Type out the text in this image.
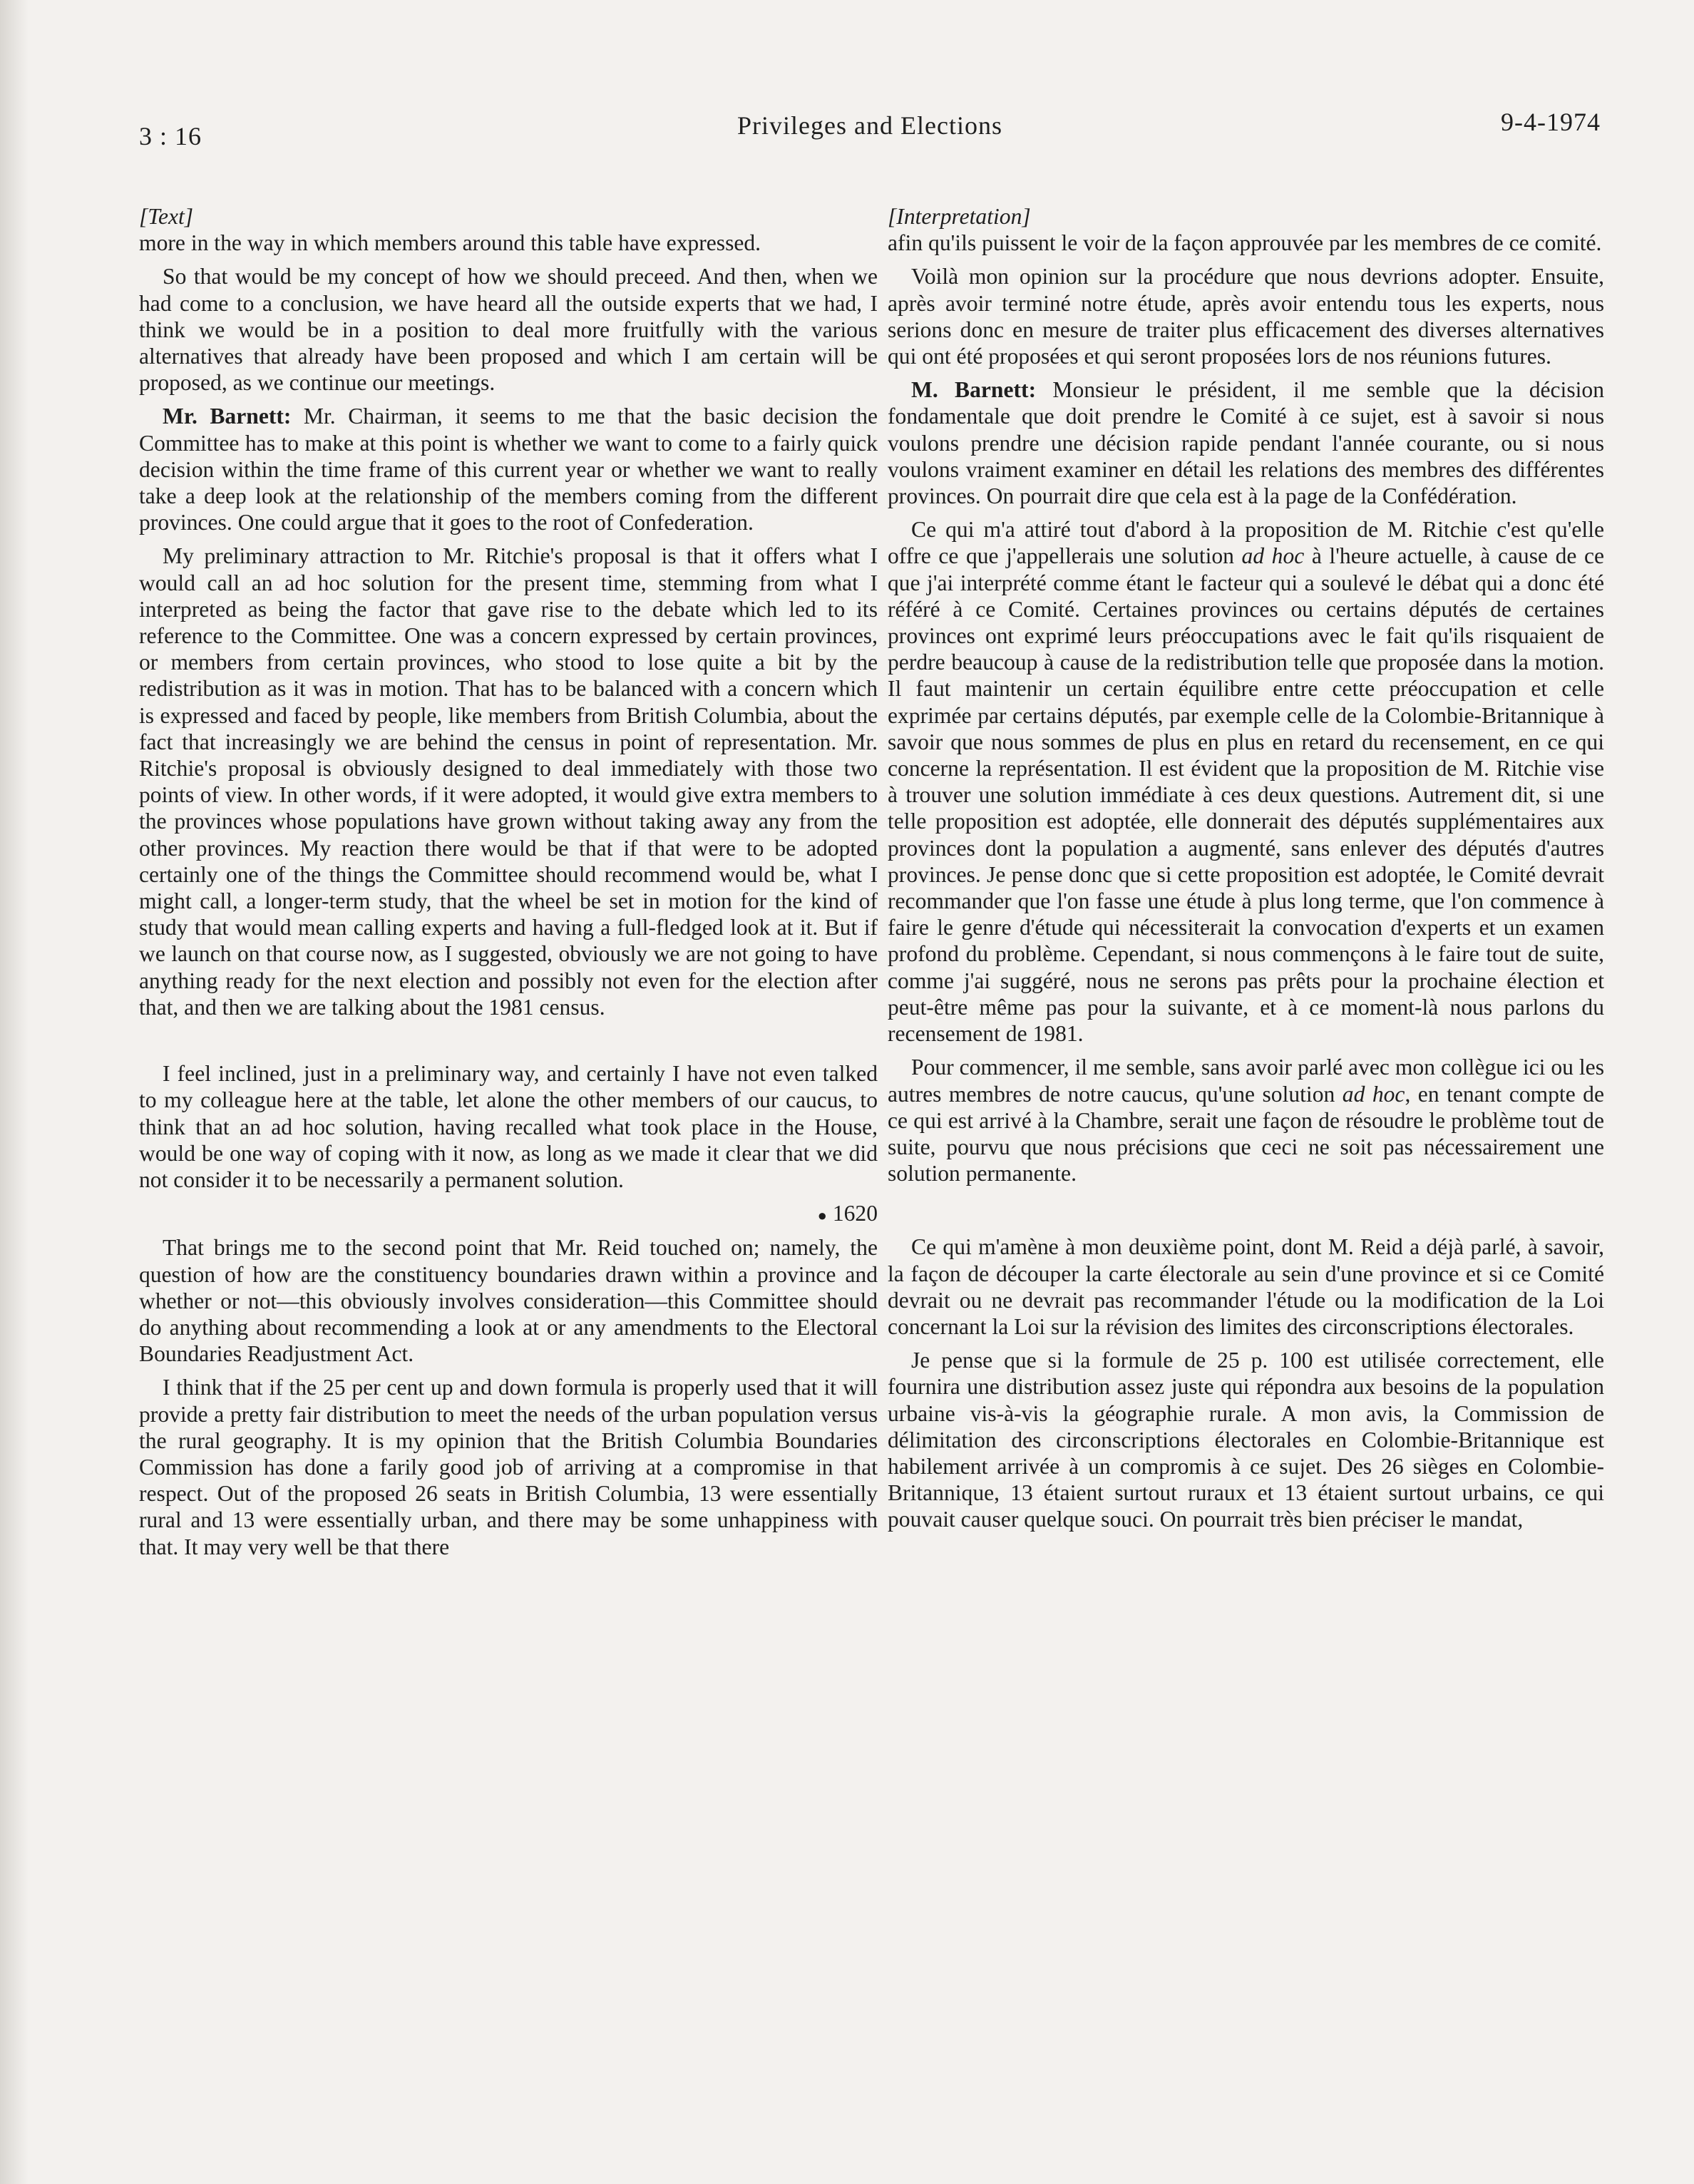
3 : 16	Privileges and Elections	9-4-1974

[Text]

more in the way in which members around this table have expressed.

So that would be my concept of how we should preceed. And then, when we had come to a conclusion, we have heard all the outside experts that we had, I think we would be in a position to deal more fruitfully with the various alternatives that already have been proposed and which I am certain will be proposed, as we continue our meetings.

Mr. Barnett: Mr. Chairman, it seems to me that the basic decision the Committee has to make at this point is whether we want to come to a fairly quick decision within the time frame of this current year or whether we want to really take a deep look at the relationship of the members coming from the different provinces. One could argue that it goes to the root of Confederation.

My preliminary attraction to Mr. Ritchie's proposal is that it offers what I would call an ad hoc solution for the present time, stemming from what I interpreted as being the factor that gave rise to the debate which led to its reference to the Committee. One was a concern expressed by certain provinces, or members from certain provinces, who stood to lose quite a bit by the redistribution as it was in motion. That has to be balanced with a concern which is expressed and faced by people, like members from British Columbia, about the fact that increasingly we are behind the census in point of representation. Mr. Ritchie's proposal is obviously designed to deal immediately with those two points of view. In other words, if it were adopted, it would give extra members to the provinces whose populations have grown without taking away any from the other provinces. My reaction there would be that if that were to be adopted certainly one of the things the Committee should recommend would be, what I might call, a longer-term study, that the wheel be set in motion for the kind of study that would mean calling experts and having a full-fledged look at it. But if we launch on that course now, as I suggested, obviously we are not going to have anything ready for the next election and possibly not even for the election after that, and then we are talking about the 1981 census.

I feel inclined, just in a preliminary way, and certainly I have not even talked to my colleague here at the table, let alone the other members of our caucus, to think that an ad hoc solution, having recalled what took place in the House, would be one way of coping with it now, as long as we made it clear that we did not consider it to be necessarily a permanent solution.

● 1620

That brings me to the second point that Mr. Reid touched on; namely, the question of how are the constituency boundaries drawn within a province and whether or not—this obviously involves consideration—this Committee should do anything about recommending a look at or any amendments to the Electoral Boundaries Readjustment Act.

I think that if the 25 per cent up and down formula is properly used that it will provide a pretty fair distribution to meet the needs of the urban population versus the rural geography. It is my opinion that the British Columbia Boundaries Commission has done a farily good job of arriving at a compromise in that respect. Out of the proposed 26 seats in British Columbia, 13 were essentially rural and 13 were essentially urban, and there may be some unhappiness with that. It may very well be that there

[Interpretation]

afin qu'ils puissent le voir de la façon approuvée par les membres de ce comité.

Voilà mon opinion sur la procédure que nous devrions adopter. Ensuite, après avoir terminé notre étude, après avoir entendu tous les experts, nous serions donc en mesure de traiter plus efficacement des diverses alternatives qui ont été proposées et qui seront proposées lors de nos réunions futures.

M. Barnett: Monsieur le président, il me semble que la décision fondamentale que doit prendre le Comité à ce sujet, est à savoir si nous voulons prendre une décision rapide pendant l'année courante, ou si nous voulons vraiment examiner en détail les relations des membres des différentes provinces. On pourrait dire que cela est à la page de la Confédération.

Ce qui m'a attiré tout d'abord à la proposition de M. Ritchie c'est qu'elle offre ce que j'appellerais une solution ad hoc à l'heure actuelle, à cause de ce que j'ai interprété comme étant le facteur qui a soulevé le débat qui a donc été référé à ce Comité. Certaines provinces ou certains députés de certaines provinces ont exprimé leurs préoccupations avec le fait qu'ils risquaient de perdre beaucoup à cause de la redistribution telle que proposée dans la motion. Il faut maintenir un certain équilibre entre cette préoccupation et celle exprimée par certains députés, par exemple celle de la Colombie-Britannique à savoir que nous sommes de plus en plus en retard du recensement, en ce qui concerne la représentation. Il est évident que la proposition de M. Ritchie vise à trouver une solution immédiate à ces deux questions. Autrement dit, si une telle proposition est adoptée, elle donnerait des députés supplémentaires aux provinces dont la population a augmenté, sans enlever des députés d'autres provinces. Je pense donc que si cette proposition est adoptée, le Comité devrait recommander que l'on fasse une étude à plus long terme, que l'on commence à faire le genre d'étude qui nécessiterait la convocation d'experts et un examen profond du problème. Cependant, si nous commençons à le faire tout de suite, comme j'ai suggéré, nous ne serons pas prêts pour la prochaine élection et peut-être même pas pour la suivante, et à ce moment-là nous parlons du recensement de 1981.

Pour commencer, il me semble, sans avoir parlé avec mon collègue ici ou les autres membres de notre caucus, qu'une solution ad hoc, en tenant compte de ce qui est arrivé à la Chambre, serait une façon de résoudre le problème tout de suite, pourvu que nous précisions que ceci ne soit pas nécessairement une solution permanente.

Ce qui m'amène à mon deuxième point, dont M. Reid a déjà parlé, à savoir, la façon de découper la carte électorale au sein d'une province et si ce Comité devrait ou ne devrait pas recommander l'étude ou la modification de la Loi concernant la Loi sur la révision des limites des circonscriptions électorales.

Je pense que si la formule de 25 p. 100 est utilisée correctement, elle fournira une distribution assez juste qui répondra aux besoins de la population urbaine vis-à-vis la géographie rurale. A mon avis, la Commission de délimitation des circonscriptions électorales en Colombie-Britannique est habilement arrivée à un compromis à ce sujet. Des 26 sièges en Colombie-Britannique, 13 étaient surtout ruraux et 13 étaient surtout urbains, ce qui pouvait causer quelque souci. On pourrait très bien préciser le mandat,
